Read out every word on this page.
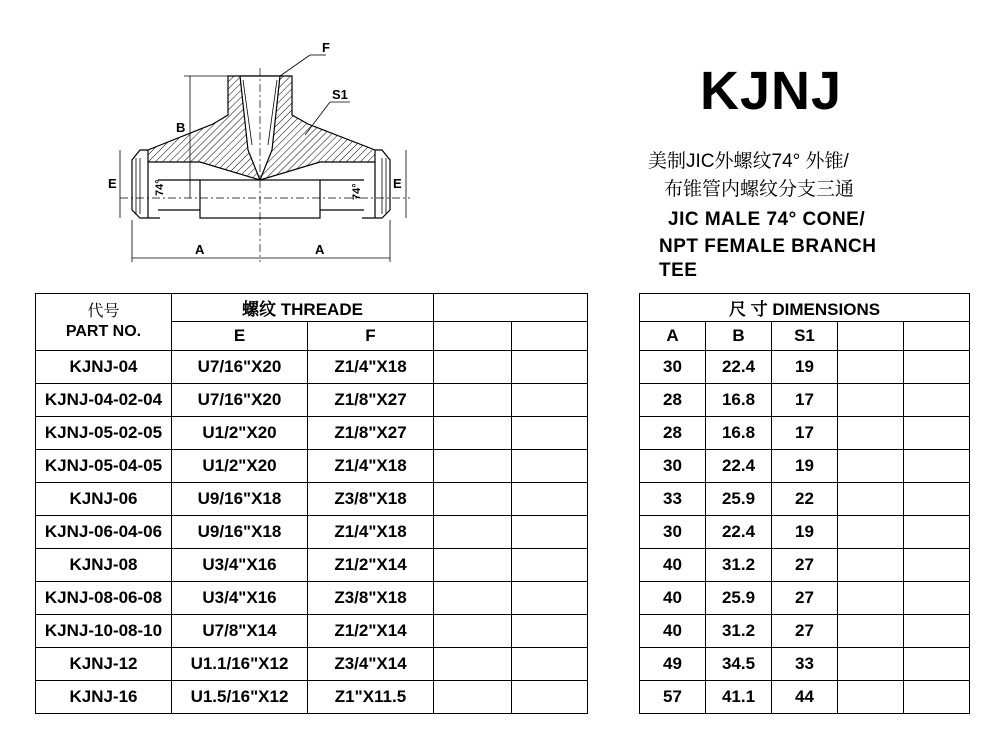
F
S1
B
E	E
74°	74°
A	A
KJNJ
美制JIC外螺纹74° 外锥/
布锥管内螺纹分支三通
JIC MALE 74° CONE/
NPT FEMALE BRANCH TEE
代号
PART NO.	螺纹 THREADE					尺 寸 DIMENSIONS				
	E	F				A	B	S1		
KJNJ-04	U7/16"X20	Z1/4"X18				30	22.4	19		
KJNJ-04-02-04	U7/16"X20	Z1/8"X27				28	16.8	17		
KJNJ-05-02-05	U1/2"X20	Z1/8"X27				28	16.8	17		
KJNJ-05-04-05	U1/2"X20	Z1/4"X18				30	22.4	19		
KJNJ-06	U9/16"X18	Z3/8"X18				33	25.9	22		
KJNJ-06-04-06	U9/16"X18	Z1/4"X18				30	22.4	19		
KJNJ-08	U3/4"X16	Z1/2"X14				40	31.2	27		
KJNJ-08-06-08	U3/4"X16	Z3/8"X18				40	25.9	27		
KJNJ-10-08-10	U7/8"X14	Z1/2"X14				40	31.2	27		
KJNJ-12	U1.1/16"X12	Z3/4"X14				49	34.5	33		
KJNJ-16	U1.5/16"X12	Z1"X11.5				57	41.1	44		
